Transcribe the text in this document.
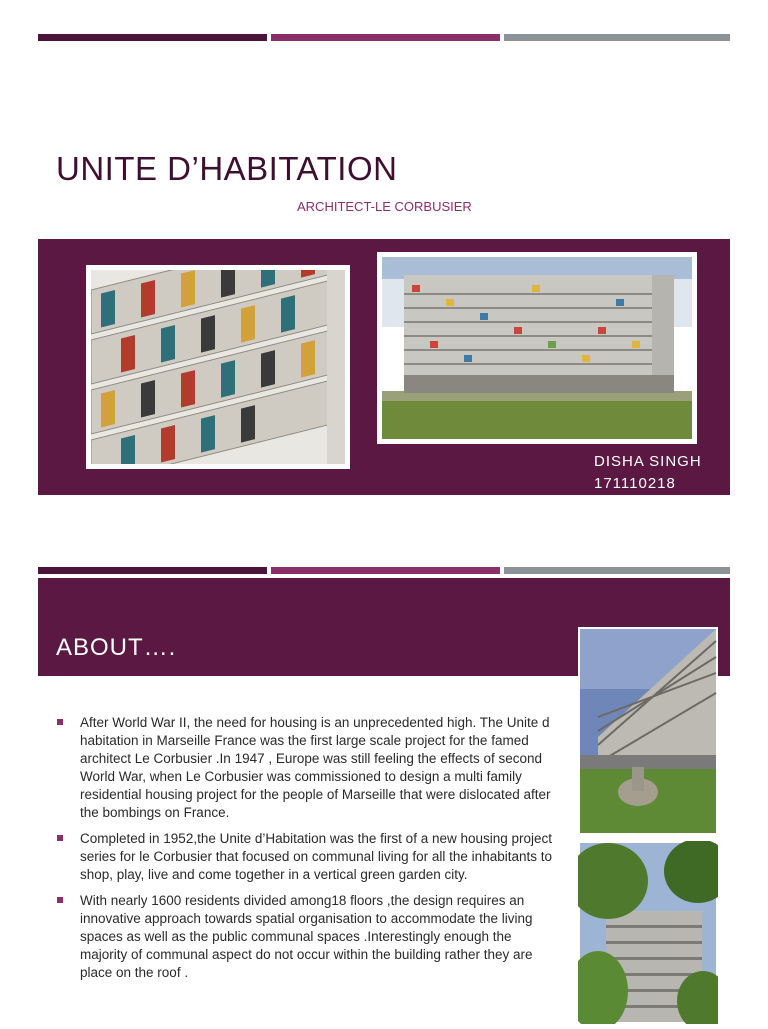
UNITE D’HABITATION
ARCHITECT-LE CORBUSIER
DISHA SINGH
171110218
ABOUT….
After World War II, the need for housing is an unprecedented high. The Unite d habitation in Marseille France was the first large scale project for the famed architect Le Corbusier .In 1947 , Europe was still feeling the effects of second World War, when Le Corbusier was commissioned to design a multi family residential housing project for the people of Marseille that were dislocated after the bombings on France.
Completed in 1952,the Unite d’Habitation was the first of a new housing project series for le Corbusier that focused on communal living for all the inhabitants to shop, play, live and come together in a vertical green garden city.
With nearly 1600 residents divided among18 floors ,the design requires an innovative approach towards spatial organisation to accommodate the living spaces as well as the public communal spaces .Interestingly enough the majority of communal aspect do not occur within the building rather they are place on the roof .
